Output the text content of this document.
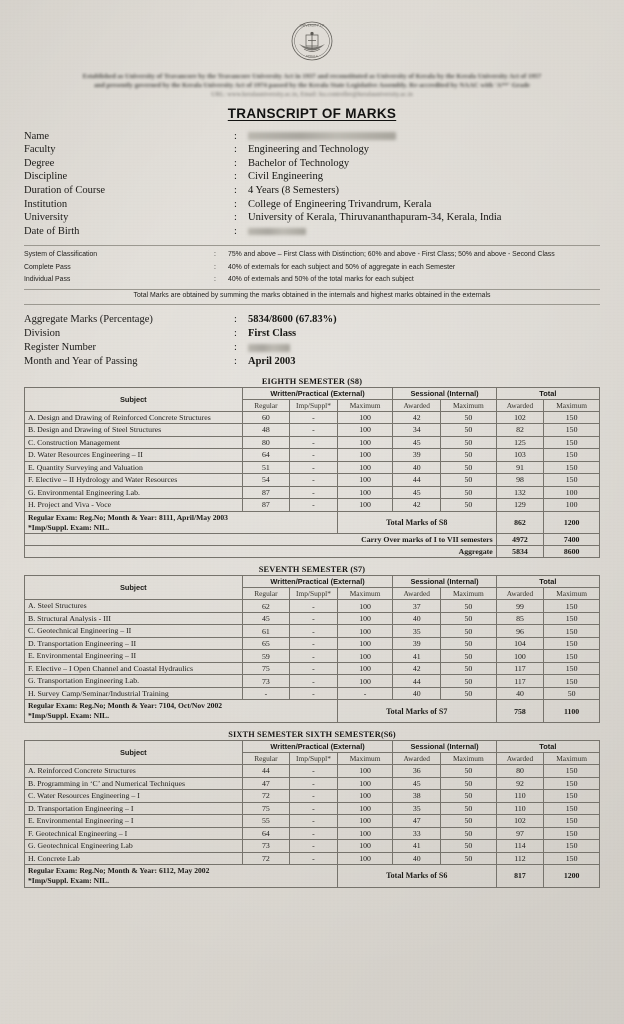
UNIVERSITY OF
KERALA
Established as University of Travancore by the Travancore University Act in 1937 and reconstituted as University of Kerala by the Kerala University Act of 1957
and presently governed by the Kerala University Act of 1974 passed by the Kerala State Legislative Assembly. Re-accredited by NAAC with 'A**' Grade
URL: www.keralauniversity.ac.in, Email: ku.controller@keralauniversity.ac.in
TRANSCRIPT OF MARKS
Name	:
Faculty	:	Engineering and Technology
Degree	:	Bachelor of Technology
Discipline	:	Civil Engineering
Duration of Course	:	4 Years (8 Semesters)
Institution	:	College of Engineering Trivandrum, Kerala
University	:	University of Kerala, Thiruvananthapuram-34, Kerala, India
Date of Birth	:
System of Classification	:	75% and above – First Class with Distinction; 60% and above - First Class; 50% and above - Second Class
Complete Pass	:	40% of externals for each subject and 50% of aggregate in each Semester
Individual Pass	:	40% of externals and 50% of the total marks for each subject
Total Marks are obtained by summing the marks obtained in the internals and highest marks obtained in the externals
Aggregate Marks (Percentage)	:	5834/8600 (67.83%)
Division	:	First Class
Register Number	:
Month and Year of Passing	:	April 2003
EIGHTH SEMESTER (S8)
Subject	Written/Practical (External)			Sessional (Internal)		Total	
	Regular	Imp/Suppl*	Maximum	Awarded	Maximum	Awarded	Maximum
A. Design and Drawing of Reinforced Concrete Structures	60	-	100	42	50	102	150
B. Design and Drawing of Steel Structures	48	-	100	34	50	82	150
C. Construction Management	80	-	100	45	50	125	150
D. Water Resources Engineering – II	64	-	100	39	50	103	150
E. Quantity Surveying and Valuation	51	-	100	40	50	91	150
F. Elective – II Hydrology and Water Resources	54	-	100	44	50	98	150
G. Environmental Engineering Lab.	87	-	100	45	50	132	100
H. Project and Viva - Voce	87	-	100	42	50	129	100
Regular Exam: Reg.No; Month & Year: 8111, April/May 2003
*Imp/Suppl. Exam: NIL.			Total Marks of S8			862	1200
Carry Over marks of I to VII semesters						4972	7400
Aggregate						5834	8600
SEVENTH SEMESTER (S7)
Subject	Written/Practical (External)			Sessional (Internal)		Total	
	Regular	Imp/Suppl*	Maximum	Awarded	Maximum	Awarded	Maximum
A. Steel Structures	62	-	100	37	50	99	150
B. Structural Analysis - III	45	-	100	40	50	85	150
C. Geotechnical Engineering – II	61	-	100	35	50	96	150
D. Transportation Engineering – II	65	-	100	39	50	104	150
E. Environmental Engineering – II	59	-	100	41	50	100	150
F. Elective – I Open Channel and Coastal Hydraulics	75	-	100	42	50	117	150
G. Transportation Engineering Lab.	73	-	100	44	50	117	150
H. Survey Camp/Seminar/Industrial Training	-	-	-	40	50	40	50
Regular Exam: Reg.No; Month & Year: 7104, Oct/Nov 2002
*Imp/Suppl. Exam: NIL.			Total Marks of S7			758	1100
SIXTH SEMESTER SIXTH SEMESTER(S6)
Subject	Written/Practical (External)			Sessional (Internal)		Total	
	Regular	Imp/Suppl*	Maximum	Awarded	Maximum	Awarded	Maximum
A. Reinforced Concrete Structures	44	-	100	36	50	80	150
B. Programming in ‘C’ and Numerical Techniques	47	-	100	45	50	92	150
C. Water Resources Engineering – I	72	-	100	38	50	110	150
D. Transportation Engineering – I	75	-	100	35	50	110	150
E. Environmental Engineering – I	55	-	100	47	50	102	150
F. Geotechnical Engineering – I	64	-	100	33	50	97	150
G. Geotechnical Engineering Lab	73	-	100	41	50	114	150
H. Concrete Lab	72	-	100	40	50	112	150
Regular Exam: Reg.No; Month & Year: 6112, May 2002
*Imp/Suppl. Exam: NIL.			Total Marks of S6			817	1200
